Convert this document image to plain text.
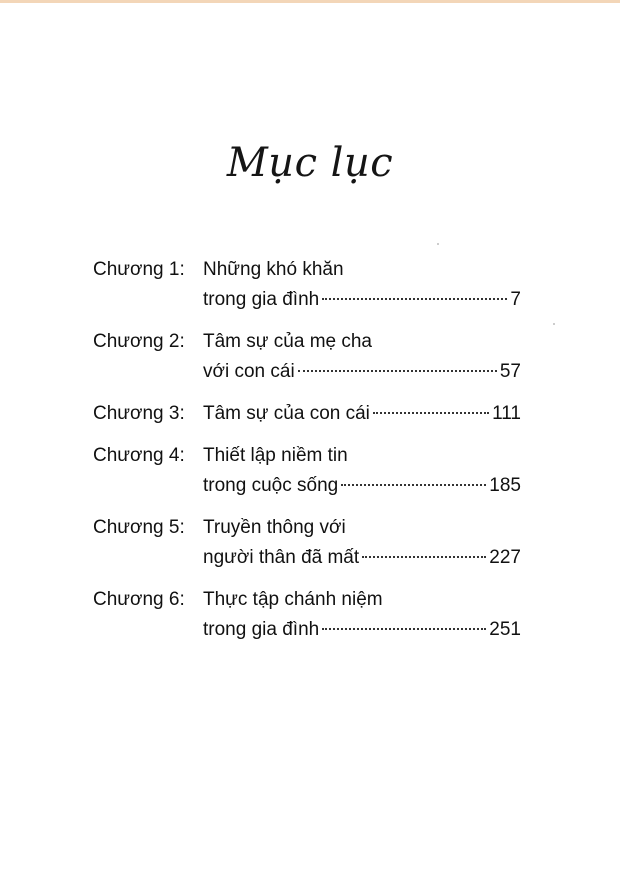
Mục lục
Chương 1: Những khó khăn
trong gia đình	7
Chương 2: Tâm sự của mẹ cha
với con cái	57
Chương 3: Tâm sự của con cái	111
Chương 4: Thiết lập niềm tin
trong cuộc sống	185
Chương 5: Truyền thông với
người thân đã mất	227
Chương 6: Thực tập chánh niệm
trong gia đình	251
